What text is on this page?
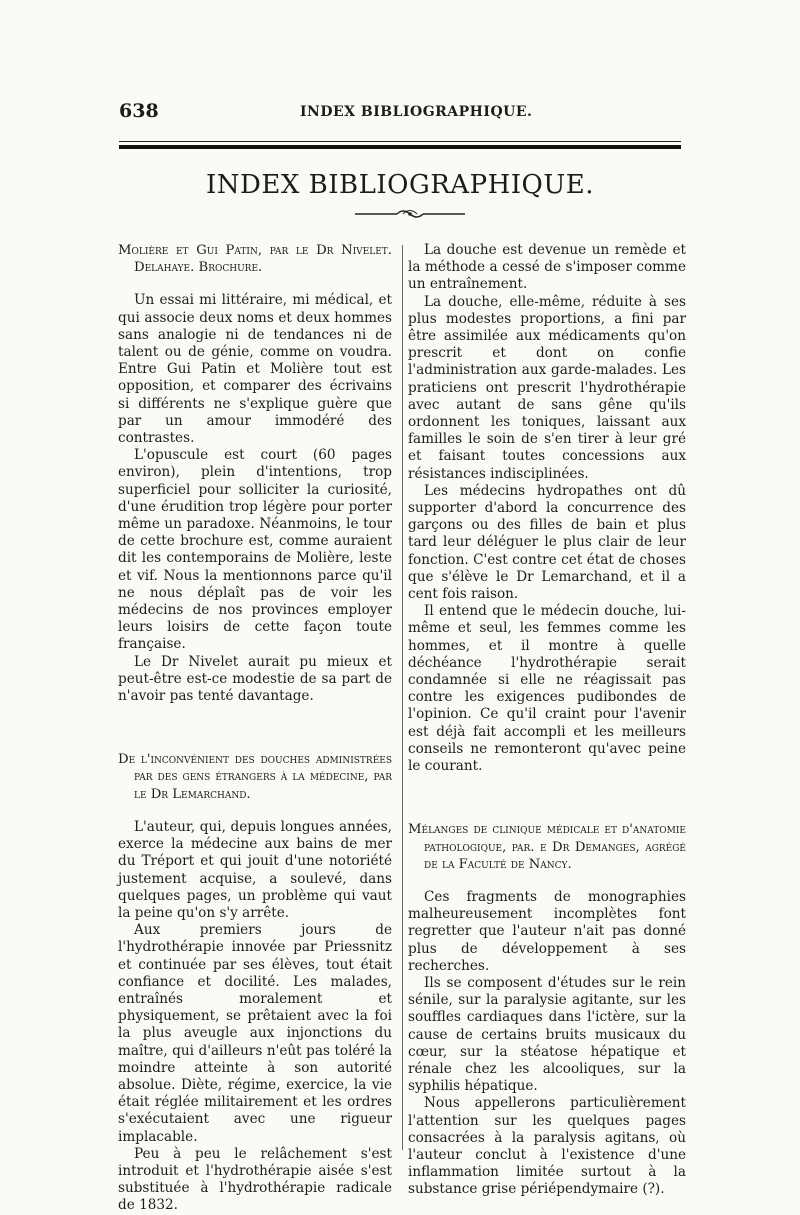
638	INDEX BIBLIOGRAPHIQUE.
INDEX BIBLIOGRAPHIQUE.
Molière et Gui Patin, par le Dr Nivelet. Delahaye. Brochure.

Un essai mi littéraire, mi médical, et qui associe deux noms et deux hommes sans analogie ni de tendances ni de talent ou de génie, comme on voudra. Entre Gui Patin et Molière tout est opposition, et comparer des écrivains si différents ne s'explique guère que par un amour immodéré des contrastes.

L'opuscule est court (60 pages environ), plein d'intentions, trop superficiel pour solliciter la curiosité, d'une érudition trop légère pour porter même un paradoxe. Néanmoins, le tour de cette brochure est, comme auraient dit les contemporains de Molière, leste et vif. Nous la mentionnons parce qu'il ne nous déplaît pas de voir les médecins de nos provinces employer leurs loisirs de cette façon toute française.

Le Dr Nivelet aurait pu mieux et peut-être est-ce modestie de sa part de n'avoir pas tenté davantage.

De l'inconvénient des douches administrées par des gens étrangers à la médecine, par le Dr Lemarchand.

L'auteur, qui, depuis longues années, exerce la médecine aux bains de mer du Tréport et qui jouit d'une notoriété justement acquise, a soulevé, dans quelques pages, un problème qui vaut la peine qu'on s'y arrête.

Aux premiers jours de l'hydrothérapie innovée par Priessnitz et continuée par ses élèves, tout était confiance et docilité. Les malades, entraînés moralement et physiquement, se prêtaient avec la foi la plus aveugle aux injonctions du maître, qui d'ailleurs n'eût pas toléré la moindre atteinte à son autorité absolue. Diète, régime, exercice, la vie était réglée militairement et les ordres s'exécutaient avec une rigueur implacable.

Peu à peu le relâchement s'est introduit et l'hydrothérapie aisée s'est substituée à l'hydrothérapie radicale de 1832.

La douche est devenue un remède et la méthode a cessé de s'imposer comme un entraînement.

La douche, elle-même, réduite à ses plus modestes proportions, a fini par être assimilée aux médicaments qu'on prescrit et dont on confie l'administration aux garde-malades. Les praticiens ont prescrit l'hydrothérapie avec autant de sans gêne qu'ils ordonnent les toniques, laissant aux familles le soin de s'en tirer à leur gré et faisant toutes concessions aux résistances indisciplinées.

Les médecins hydropathes ont dû supporter d'abord la concurrence des garçons ou des filles de bain et plus tard leur déléguer le plus clair de leur fonction. C'est contre cet état de choses que s'élève le Dr Lemarchand, et il a cent fois raison.

Il entend que le médecin douche, lui-même et seul, les femmes comme les hommes, et il montre à quelle déchéance l'hydrothérapie serait condamnée si elle ne réagissait pas contre les exigences pudibondes de l'opinion. Ce qu'il craint pour l'avenir est déjà fait accompli et les meilleurs conseils ne remonteront qu'avec peine le courant.

Mélanges de clinique médicale et d'anatomie pathologique, par. e Dr Demanges, agrégé de la Faculté de Nancy.

Ces fragments de monographies malheureusement incomplètes font regretter que l'auteur n'ait pas donné plus de développement à ses recherches.

Ils se composent d'études sur le rein sénile, sur la paralysie agitante, sur les souffles cardiaques dans l'ictère, sur la cause de certains bruits musicaux du cœur, sur la stéatose hépatique et rénale chez les alcooliques, sur la syphilis hépatique.

Nous appellerons particulièrement l'attention sur les quelques pages consacrées à la paralysis agitans, où l'auteur conclut à l'existence d'une inflammation limitée surtout à la substance grise périépendymaire (?).
